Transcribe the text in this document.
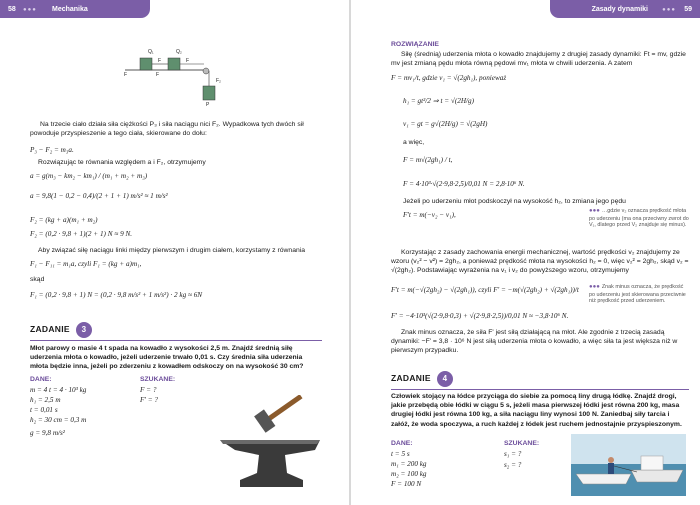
58 ●●● Mechanika
Q₁	Q₂
F	F
F₂
F	F
P
Na trzecie ciało działa siła ciężkości P₃ i siła naciągu nici F₂. Wypadkowa tych dwóch sił powoduje przyspieszenie a tego ciała, skierowane do dołu:
P₃ − F₂ = m₃a.
Rozwiązując te równania względem a i F₂, otrzymujemy
a = g(m₃ − km₂ − km₁) / (m₁ + m₂ + m₃)
a = 9,8(1 − 0,2 − 0,4)/(2 + 1 + 1) m/s² ≈ 1 m/s²
F₂ = (kg + a)(m₁ + m₂)
F₂ = (0,2 · 9,8 + 1)(2 + 1) N ≈ 9 N.
Aby związać siłę naciągu linki między pierwszym i drugim ciałem, korzystamy z równania
F₁ − F₁₁ = m₁a, czyli F₁ = (kg + a)m₁,
skąd
F₁ = (0,2 · 9,8 + 1) N = (0,2 · 9,8 m/s² + 1 m/s²) · 2 kg ≈ 6N
ZADANIE	3
Młot parowy o masie 4 t spada na kowadło z wysokości 2,5 m. Znajdź średnią siłę uderzenia młota o kowadło, jeżeli uderzenie trwało 0,01 s. Czy średnia siła uderzenia młota będzie inna, jeżeli po zderzeniu z kowadłem odskoczy on na wysokość 30 cm?
DANE:
m = 4 t = 4 · 10³ kg
h₁ = 2,5 m
t = 0,01 s
h₂ = 30 cm = 0,3 m
g = 9,8 m/s²
SZUKANE:
F = ?
F' = ?
Zasady dynamiki ●●● 59
ROZWIĄZANIE
Siłę (średnią) uderzenia młota o kowadło znajdujemy z drugiej zasady dynamiki: Ft = mv, gdzie mv jest zmianą pędu młota równą pędowi mv₁ młota w chwili uderzenia. A zatem
F = mv₁/t, gdzie v₁ = √(2gh₁), ponieważ
h₁ = gt²/2 ⇒ t = √(2H/g)
v₁ = gt = g√(2H/g) = √(2gH)
a więc,
F = m√(2gh₁) / t,
F = 4·10³·√(2·9,8·2,5)/0,01 N = 2,8·10⁶ N.
Jeżeli po uderzeniu młot podskoczył na wysokość h₂, to zmiana jego pędu
F't = m(−v₂ − v₁),	●●● …gdzie v₂ oznacza prędkość młota po uderzeniu (ma ona przeciwny zwrot do V₁, dlatego przed V₂ znajduje się minus).
Korzystając z zasady zachowania energii mechanicznej, wartość prędkości v₂ znajdujemy ze wzoru (v₂² − v²) = 2gh₂, a ponieważ prędkość młota na wysokości h₂ = 0, więc v₂² = 2gh₂, skąd v₂ = √(2gh₂). Podstawiając wyrażenia na v₁ i v₂ do powyższego wzoru, otrzymujemy
F't = m(−√(2gh₂) − √(2gh₁)), czyli F' = −m(√(2gh₂) + √(2gh₁))/t	●●● Znak minus oznacza, że prędkość po uderzeniu jest skierowana przeciwnie niż prędkość przed uderzeniem.
F' = −4·10³(√(2·9,8·0,3) + √(2·9,8·2,5))/0,01 N ≈ −3,8·10⁶ N.
Znak minus oznacza, że siła F' jest siłą działającą na młot. Ale zgodnie z trzecią zasadą dynamiki: −F' = 3,8 · 10⁶ N jest siłą uderzenia młota o kowadło, a więc siła ta jest większa niż w pierwszym przypadku.
ZADANIE	4
Człowiek stojący na łódce przyciąga do siebie za pomocą liny drugą łódkę. Znajdź drogi, jakie przebędą obie łódki w ciągu 5 s, jeżeli masa pierwszej łódki jest równa 200 kg, masa drugiej łódki jest równa 100 kg, a siła naciągu liny wynosi 100 N. Zaniedbaj siły tarcia i załóż, że woda spoczywa, a ruch każdej z łódek jest ruchem jednostajnie przyspieszonym.
DANE:
t = 5 s
m₁ = 200 kg
m₂ = 100 kg
F = 100 N
SZUKANE:
s₁ = ?
s₂ = ?
